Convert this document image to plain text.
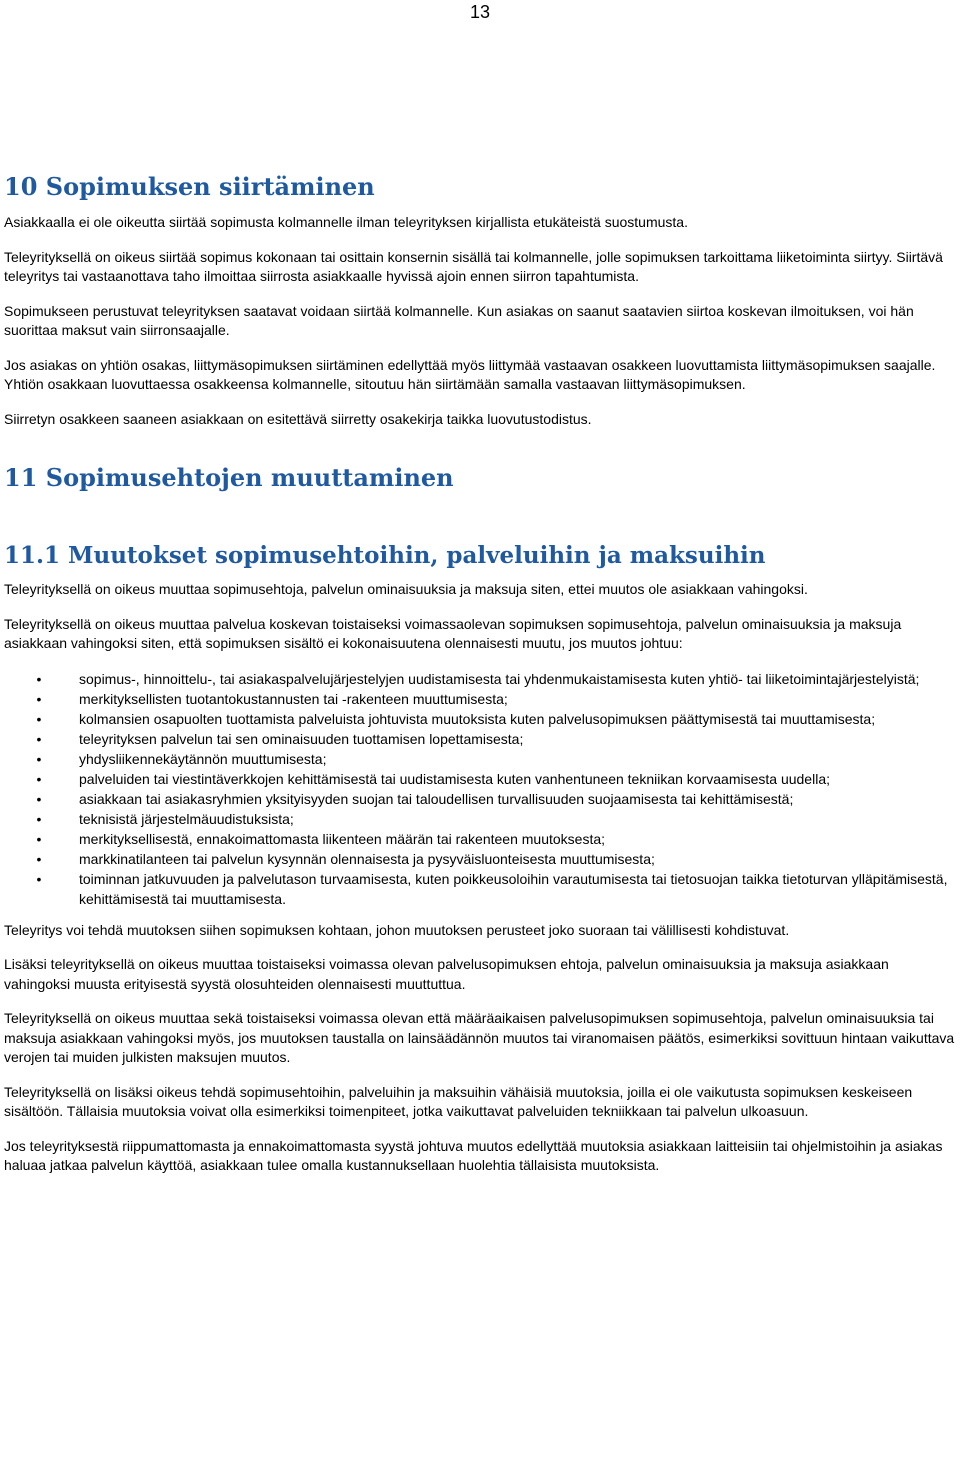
13
10 Sopimuksen siirtäminen

Asiakkaalla ei ole oikeutta siirtää sopimusta kolmannelle ilman teleyrityksen kirjallista etukäteistä suostumusta.

Teleyrityksellä on oikeus siirtää sopimus kokonaan tai osittain konsernin sisällä tai kolmannelle, jolle sopimuksen tarkoittama liiketoiminta siirtyy. Siirtävä teleyritys tai vastaanottava taho ilmoittaa siirrosta asiakkaalle hyvissä ajoin ennen siirron tapahtumista.

Sopimukseen perustuvat teleyrityksen saatavat voidaan siirtää kolmannelle. Kun asiakas on saanut saatavien siirtoa koskevan ilmoituksen, voi hän suorittaa maksut vain siirronsaajalle.

Jos asiakas on yhtiön osakas, liittymäsopimuksen siirtäminen edellyttää myös liittymää vastaavan osakkeen luovuttamista liittymäsopimuksen saajalle. Yhtiön osakkaan luovuttaessa osakkeensa kolmannelle, sitoutuu hän siirtämään samalla vastaavan liittymäsopimuksen.

Siirretyn osakkeen saaneen asiakkaan on esitettävä siirretty osakekirja taikka luovutustodistus.

11 Sopimusehtojen muuttaminen
11.1 Muutokset sopimusehtoihin, palveluihin ja maksuihin

Teleyrityksellä on oikeus muuttaa sopimusehtoja, palvelun ominaisuuksia ja maksuja siten, ettei muutos ole asiakkaan vahingoksi.

Teleyrityksellä on oikeus muuttaa palvelua koskevan toistaiseksi voimassaolevan sopimuksen sopimusehtoja, palvelun ominaisuuksia ja maksuja asiakkaan vahingoksi siten, että sopimuksen sisältö ei kokonaisuutena olennaisesti muutu, jos muutos johtuu:

•	sopimus-, hinnoittelu-, tai asiakaspalvelujärjestelyjen uudistamisesta tai yhdenmukaistamisesta kuten yhtiö- tai liiketoimintajärjestelyistä;
•	merkityksellisten tuotantokustannusten tai -rakenteen muuttumisesta;
•	kolmansien osapuolten tuottamista palveluista johtuvista muutoksista kuten palvelusopimuksen päättymisestä tai muuttamisesta;
•	teleyrityksen palvelun tai sen ominaisuuden tuottamisen lopettamisesta;
•	yhdysliikennekäytännön muuttumisesta;
•	palveluiden tai viestintäverkkojen kehittämisestä tai uudistamisesta kuten vanhentuneen tekniikan korvaamisesta uudella;
•	asiakkaan tai asiakasryhmien yksityisyyden suojan tai taloudellisen turvallisuuden suojaamisesta tai kehittämisestä;
•	teknisistä järjestelmäuudistuksista;
•	merkityksellisestä, ennakoimattomasta liikenteen määrän tai rakenteen muutoksesta;
•	markkinatilanteen tai palvelun kysynnän olennaisesta ja pysyväisluonteisesta muuttumisesta;
•	toiminnan jatkuvuuden ja palvelutason turvaamisesta, kuten poikkeusoloihin varautumisesta tai tietosuojan taikka tietoturvan ylläpitämisestä, kehittämisestä tai muuttamisesta.

Teleyritys voi tehdä muutoksen siihen sopimuksen kohtaan, johon muutoksen perusteet joko suoraan tai välillisesti kohdistuvat.

Lisäksi teleyrityksellä on oikeus muuttaa toistaiseksi voimassa olevan palvelusopimuksen ehtoja, palvelun ominaisuuksia ja maksuja asiakkaan vahingoksi muusta erityisestä syystä olosuhteiden olennaisesti muuttuttua.

Teleyrityksellä on oikeus muuttaa sekä toistaiseksi voimassa olevan että määräaikaisen palvelusopimuksen sopimusehtoja, palvelun ominaisuuksia tai maksuja asiakkaan vahingoksi myös, jos muutoksen taustalla on lainsäädännön muutos tai viranomaisen päätös, esimerkiksi sovittuun hintaan vaikuttava verojen tai muiden julkisten maksujen muutos.

Teleyrityksellä on lisäksi oikeus tehdä sopimusehtoihin, palveluihin ja maksuihin vähäisiä muutoksia, joilla ei ole vaikutusta sopimuksen keskeiseen sisältöön. Tällaisia muutoksia voivat olla esimerkiksi toimenpiteet, jotka vaikuttavat palveluiden tekniikkaan tai palvelun ulkoasuun.

Jos teleyrityksestä riippumattomasta ja ennakoimattomasta syystä johtuva muutos edellyttää muutoksia asiakkaan laitteisiin tai ohjelmistoihin ja asiakas haluaa jatkaa palvelun käyttöä, asiakkaan tulee omalla kustannuksellaan huolehtia tällaisista muutoksista.
